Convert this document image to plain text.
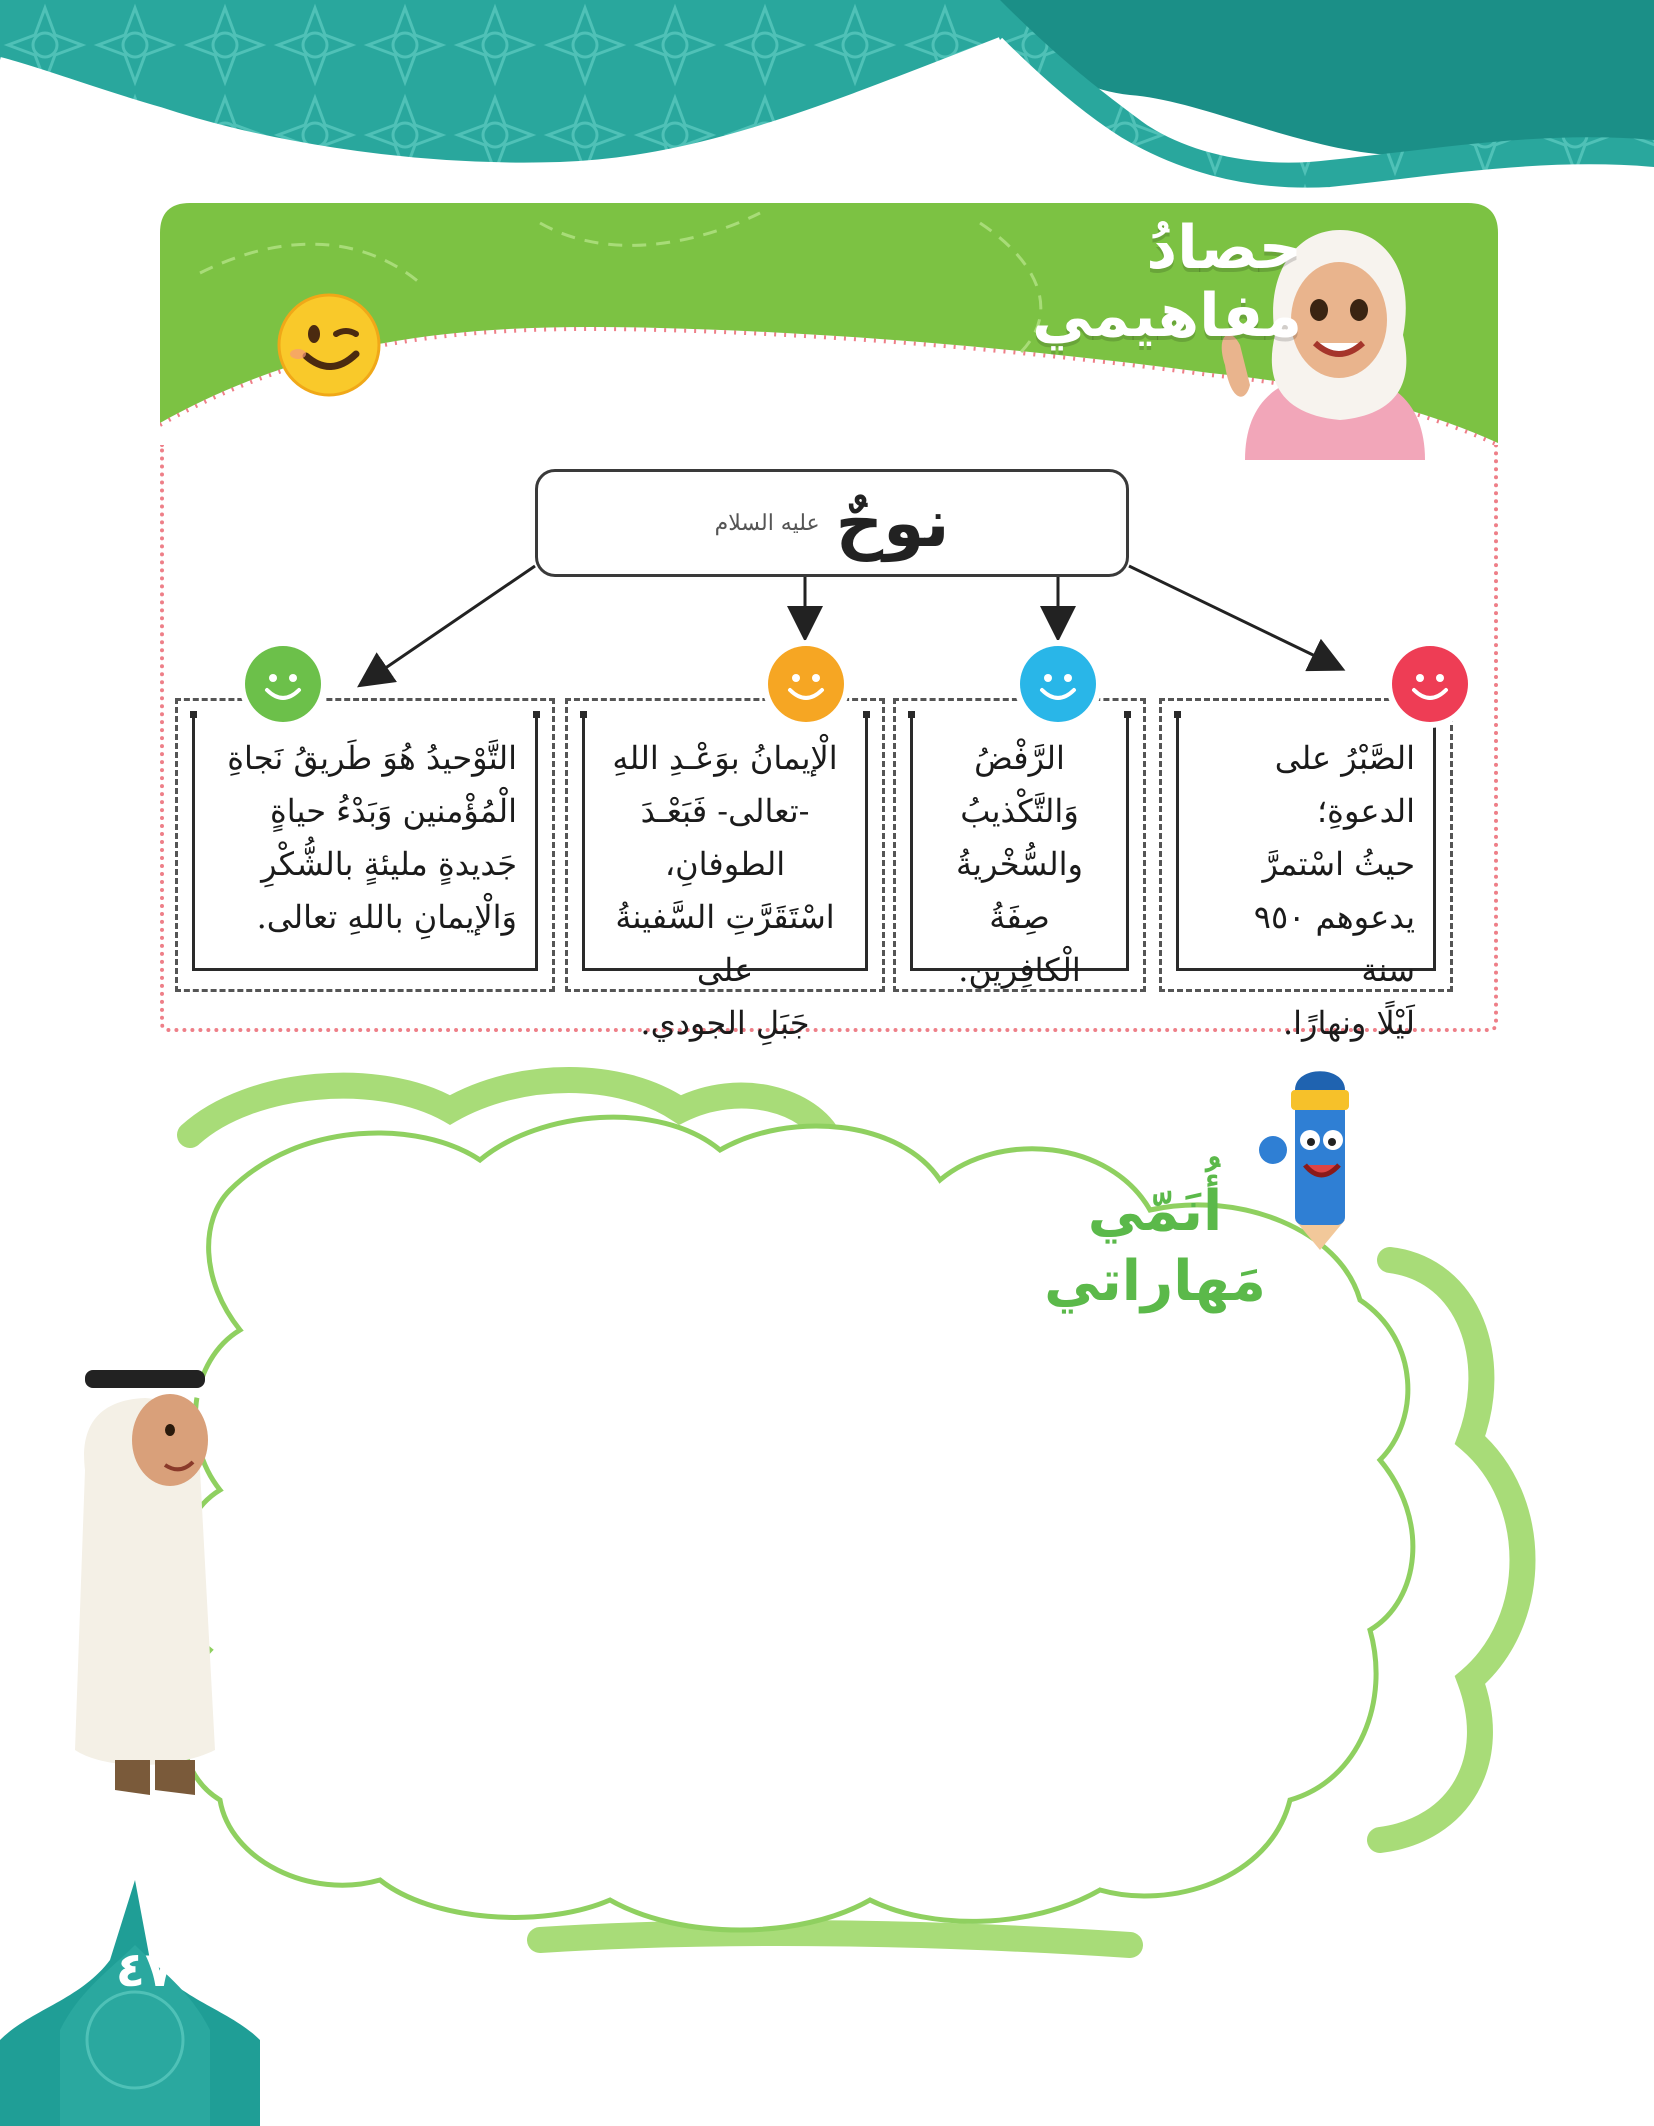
حصادُ
مفاهيمي
نوحٌ
عليه السلام
الصَّبْرُ على الدعوةِ؛
حيثُ اسْتمرَّ
يدعوهم ٩٥٠ سنة
لَيْلًا ونهارًا.
الرَّفْضُ
وَالتَّكْذيبُ
والسُّخْريةُ صِفَةُ
الْكافِرين.
الْإيمانُ بوَعْـدِ اللهِ
-تعالى- فَبَعْـدَ الطوفانِ،
اسْتَقَرَّتِ السَّفينةُ على
جَبَلِ الجودي.
التَّوْحيدُ هُوَ طَريقُ نَجاةِ
الْمُؤْمنين وَبَدْءُ حياةٍ
جَديدةٍ مليئةٍ بالشُّكْرِ
وَالْإيمانِ باللهِ تعالى.
أُنَمّي
مَهاراتي
٤٧
